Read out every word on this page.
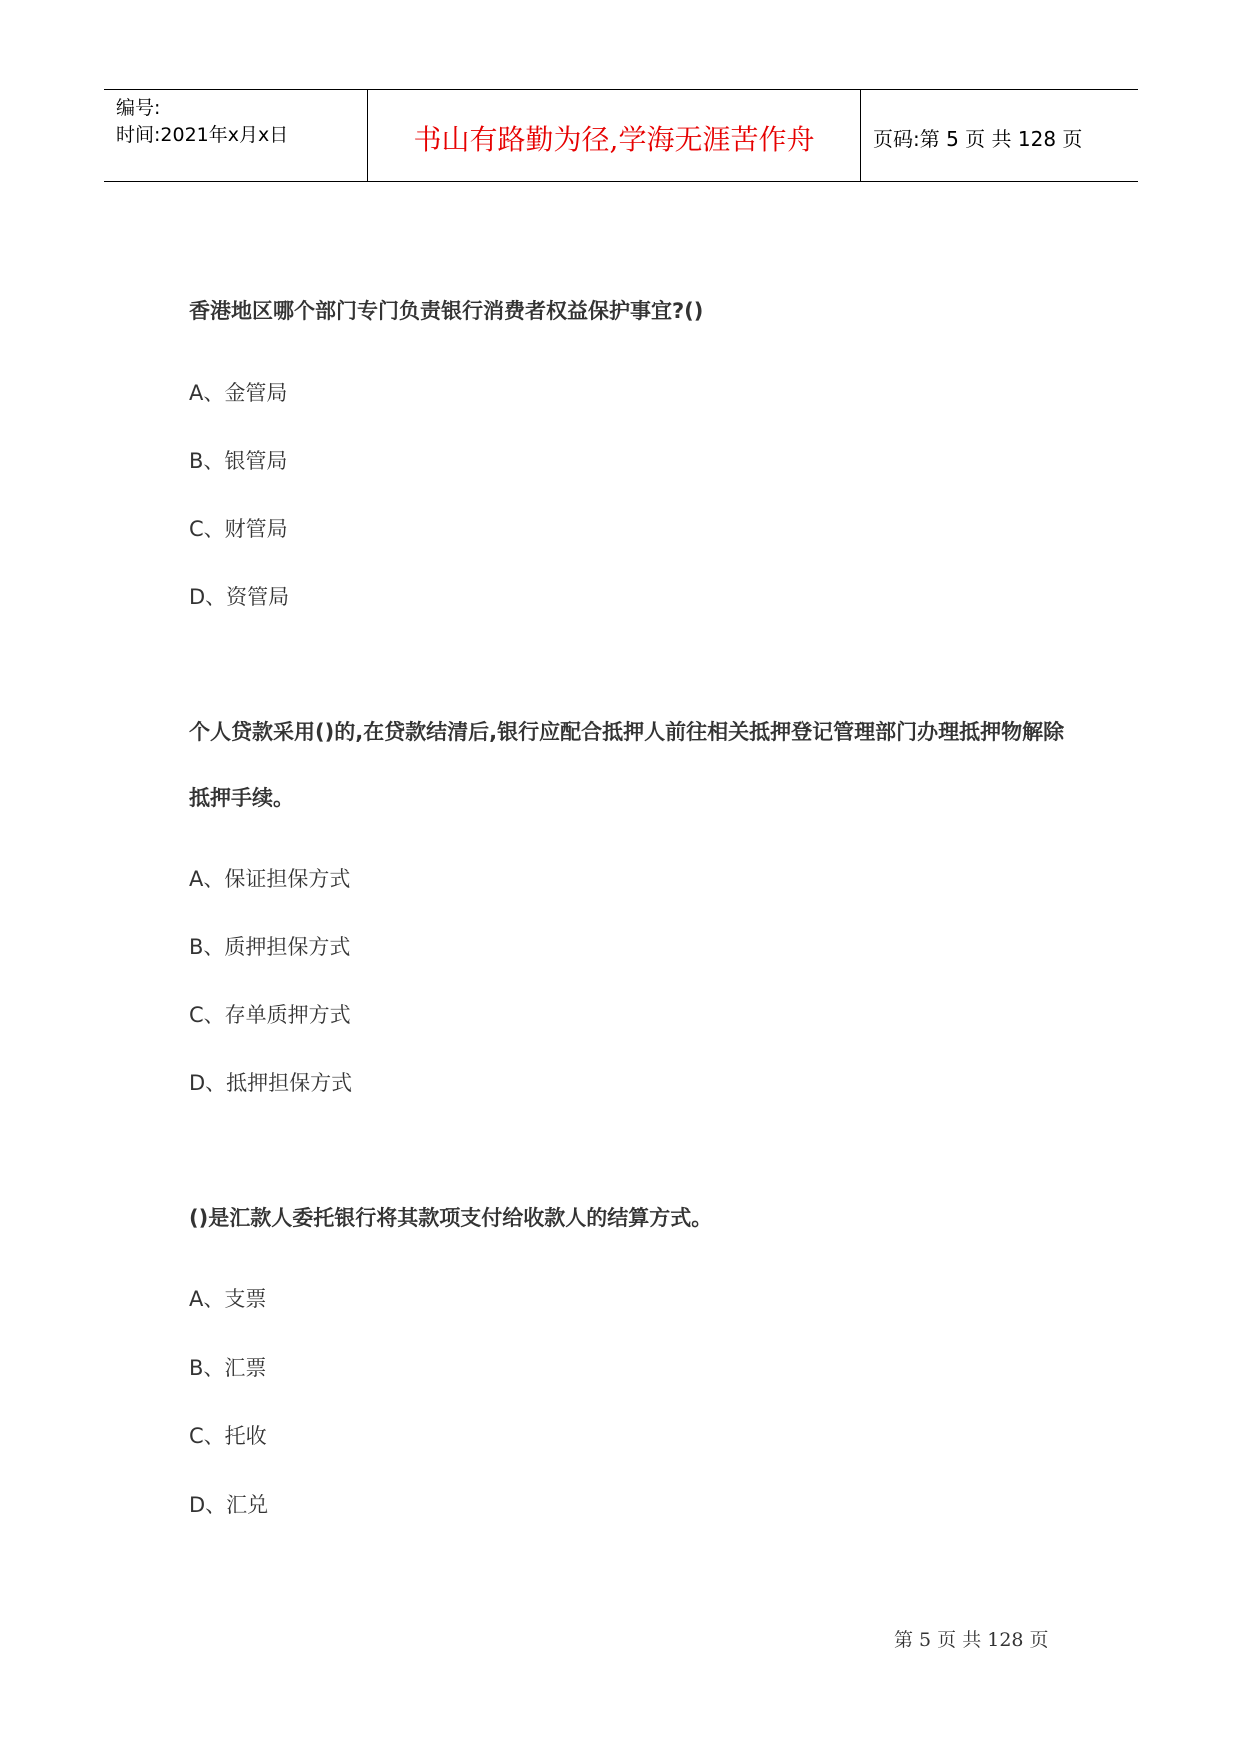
编号:
时间:2021年x月x日	书山有路勤为径,学海无涯苦作舟	页码:第 5 页 共 128 页

香港地区哪个部门专门负责银行消费者权益保护事宜?()

A、金管局
B、银管局
C、财管局
D、资管局

个人贷款采用()的,在贷款结清后,银行应配合抵押人前往相关抵押登记管理部门办理抵押物解除抵押手续。

A、保证担保方式
B、质押担保方式
C、存单质押方式
D、抵押担保方式

()是汇款人委托银行将其款项支付给收款人的结算方式。

A、支票
B、汇票
C、托收
D、汇兑
第 5 页 共 128 页
